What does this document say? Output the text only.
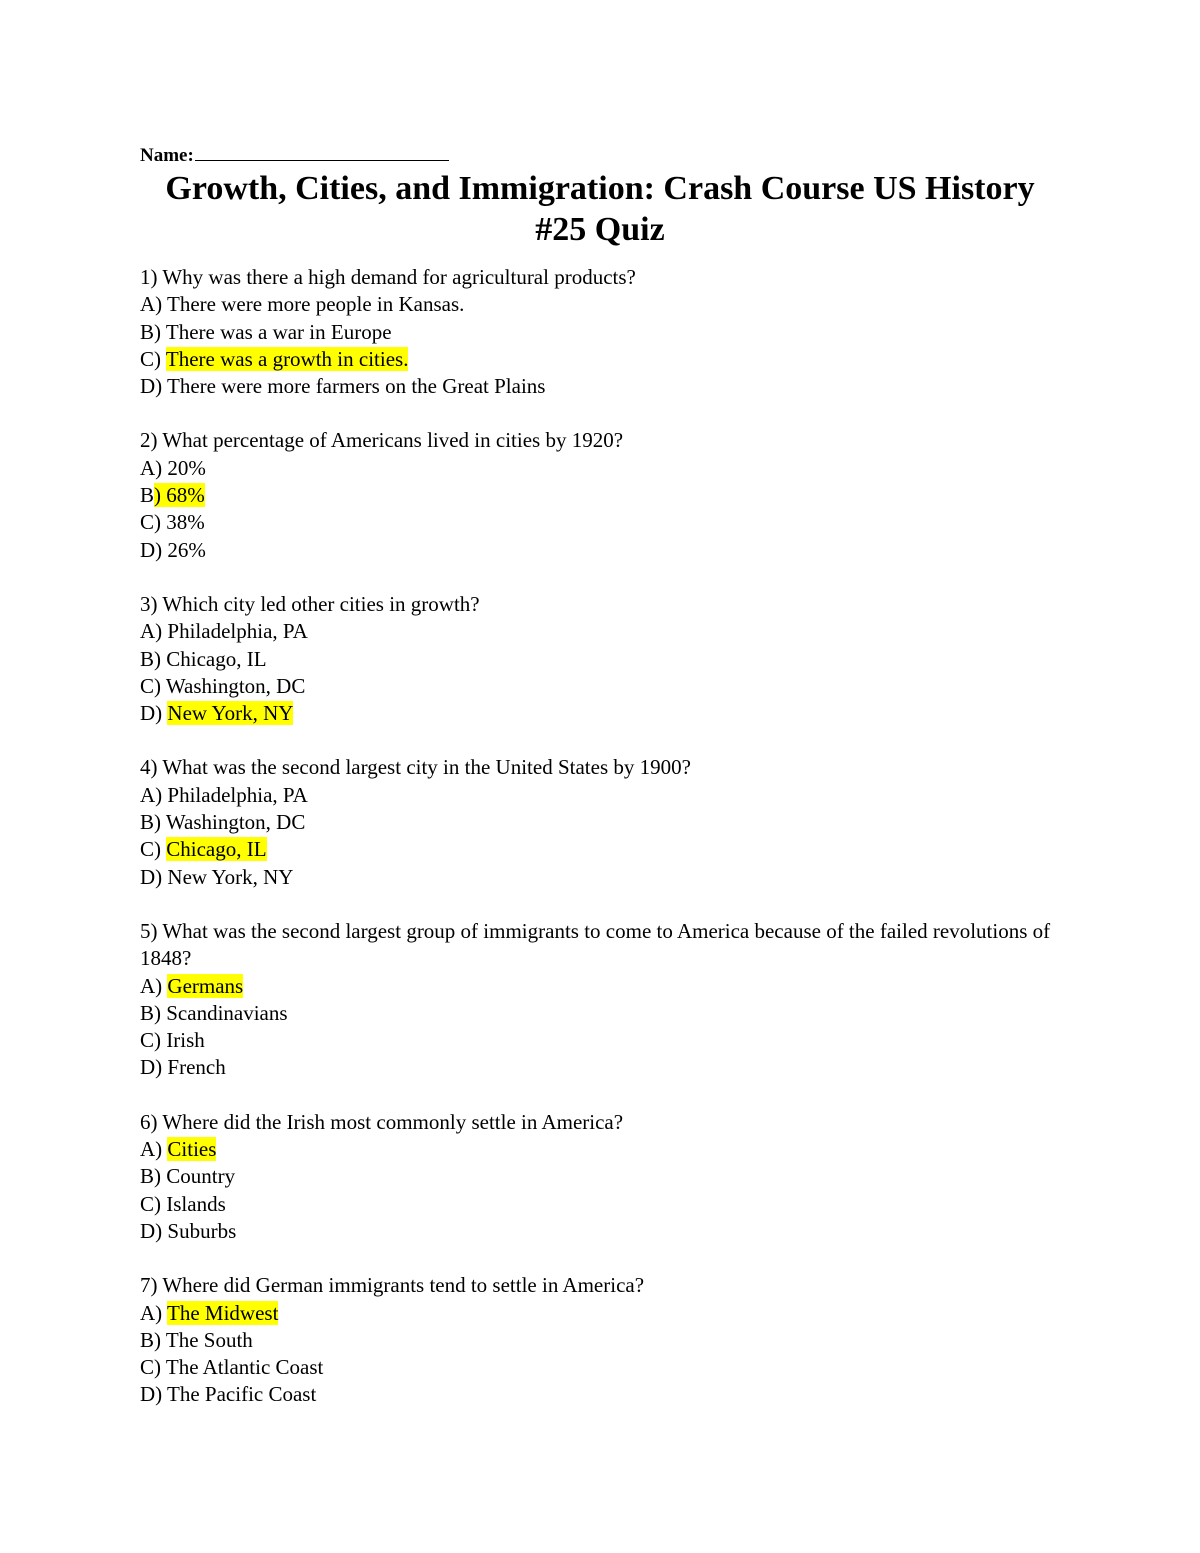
Name:
Growth, Cities, and Immigration: Crash Course US History #25 Quiz
1) Why was there a high demand for agricultural products?
A) There were more people in Kansas.
B) There was a war in Europe
C) There was a growth in cities.
D) There were more farmers on the Great Plains
2) What percentage of Americans lived in cities by 1920?
A) 20%
B) 68%
C) 38%
D) 26%
3) Which city led other cities in growth?
A) Philadelphia, PA
B) Chicago, IL
C) Washington, DC
D) New York, NY
4) What was the second largest city in the United States by 1900?
A) Philadelphia, PA
B) Washington, DC
C) Chicago, IL
D) New York, NY
5) What was the second largest group of immigrants to come to America because of the failed revolutions of 1848?
A) Germans
B) Scandinavians
C) Irish
D) French
6) Where did the Irish most commonly settle in America?
A) Cities
B) Country
C) Islands
D) Suburbs
7) Where did German immigrants tend to settle in America?
A) The Midwest
B) The South
C) The Atlantic Coast
D) The Pacific Coast
